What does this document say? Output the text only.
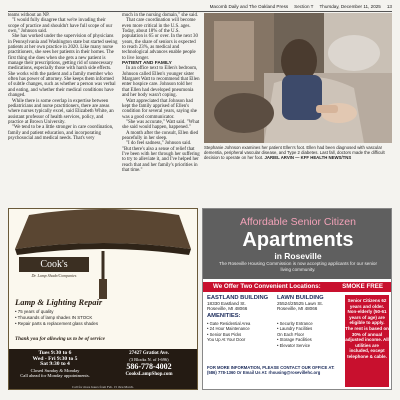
Macomb Daily and The Oakland Press Section T Thursday, December 11, 2025 13

teams without an NP.

"I would fully disagree that we're invading their scope of practice and shouldn't have full scope of our own," Johnson said.

She has worked under the supervision of physicians in Pennsylvania and Washington state but started seeing patients at her own practice in 2020. Like many nurse practitioners, she sees her patients in their homes. The first thing she does when she gets a new patient is manage their prescriptions, getting rid of unnecessary medications, especially those with harsh side effects. She works with the patient and a family member who often has power of attorney. She keeps them informed of subtle changes, such as whether a person was verbal and eating, and whether their medical conditions have changed.

While there is some overlap in expertise between pediatricians and nurse practitioners, there are areas where nurses typically excel, said Elizabeth White, an assistant professor of health services, policy, and practice at Brown University.

"We tend to be a little stronger in care coordination, family and patient education, and incorporating psychosocial and medical needs. That's very

much in the nursing domain," she said.

That care coordination will become even more critical in the U.S. ages. Today, about 18% of the U.S. population is 65 or over. In the next 30 years, the share of seniors is expected to reach 23%, as medical and technological advances enable people to live longer.

PATIENT AND FAMILY

In an office next to Ellen's bedroom, Johnson called Ellen's younger sister Margaret Watt to recommend that Ellen enter hospice care. Johnson told her that Ellen had developed pneumonia and her body wasn't coping.

Watt appreciated that Johnson had kept the family apprised of Ellen's condition for several years, saying she was a good communicator.

"She was accurate," Watt said. "What she said would happen, happened."

A month after the consult, Ellen died peacefully in her sleep.

"I do feel sadness," Johnson said. "But there's also a sense of relief that I've been with her through her suffering to try to alleviate it, and I've helped her reach that and her family's priorities in that time."

Stephanie Johnson examines her patient Ellen's foot. Ellen had been diagnosed with vascular dementia, peripheral vascular disease, and Type 2 diabetes. Last fall, doctors made the difficult decision to operate on her foot. JARIEL ARVIN — KFF HEALTH NEWS/TNS
Cook's
Dr. Lamp Shade/Companies
Lamp & Lighting Repair
• 75 years of quality
• Thousands of lamp shades IN STOCK
• Repair parts & replacement glass shades
Thank you for allowing us to be of service
Tues 9:30 to 6
Wed - Fri 9:30 to 5
Sat 9:30 to 4
Closed Sunday & Monday
Call ahead for Monday appointments.
27427 Gratiot Ave.
(3 Blocks N. of I-696)
586-778-4002
CooksLampShop.com
Call for more hours from Feb. 15 thru March.
Affordable Senior Citizen
Apartments
in Roseville
The Roseville Housing Commission is now accepting applicants for our senior living community.
We Offer Two Convenient Locations:	SMOKE FREE
EASTLAND BUILDING
18330 Eastland St.
Roseville, MI 48066
LAWN BUILDING
25524/25525 Lawn St.
Roseville, MI 48066
AMENITIES:
• Gate Residential Area
• 24 Hour Maintenance
• Senior Bus Picks
You Up At Your Door
• Security Entrance
• Laundry Facilities
On Each Floor
• Storage Facilities
• Elevator Service
FOR MORE INFORMATION, PLEASE CONTACT OUR OFFICE AT: (586) 778-1360 Or Email Us At: rhousing@rosevillehc.org
Senior Citizens 62 years and older. Non-elderly (50-61 years of age) are eligible to apply. The rent is based on 30% of annual adjusted income. All utilities are included, except telephone & cable.
